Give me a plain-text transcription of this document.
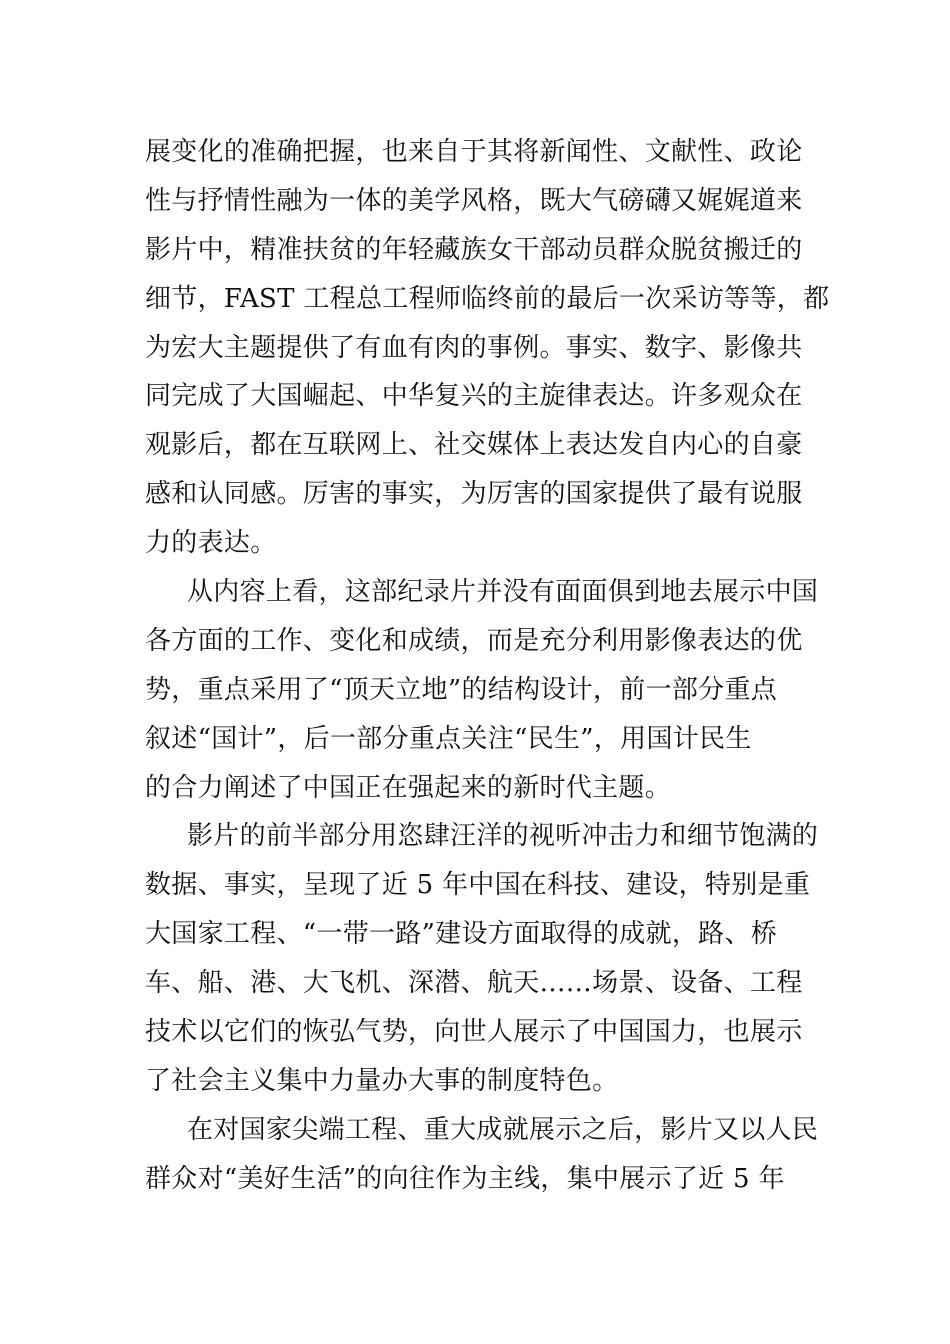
展变化的准确把握，也来自于其将新闻性、文献性、政论
性与抒情性融为一体的美学风格，既大气磅礴又娓娓道来
影片中，精准扶贫的年轻藏族女干部动员群众脱贫搬迁的
细节，FAST 工程总工程师临终前的最后一次采访等等，都
为宏大主题提供了有血有肉的事例。事实、数字、影像共
同完成了大国崛起、中华复兴的主旋律表达。许多观众在
观影后，都在互联网上、社交媒体上表达发自内心的自豪
感和认同感。厉害的事实，为厉害的国家提供了最有说服
力的表达。
从内容上看，这部纪录片并没有面面俱到地去展示中国
各方面的工作、变化和成绩，而是充分利用影像表达的优
势，重点采用了“顶天立地”的结构设计，前一部分重点
叙述“国计”，后一部分重点关注“民生”，用国计民生
的合力阐述了中国正在强起来的新时代主题。
影片的前半部分用恣肆汪洋的视听冲击力和细节饱满的
数据、事实，呈现了近 5 年中国在科技、建设，特别是重
大国家工程、“一带一路”建设方面取得的成就，路、桥
车、船、港、大飞机、深潜、航天……场景、设备、工程
技术以它们的恢弘气势，向世人展示了中国国力，也展示
了社会主义集中力量办大事的制度特色。
在对国家尖端工程、重大成就展示之后，影片又以人民
群众对“美好生活”的向往作为主线，集中展示了近 5 年
